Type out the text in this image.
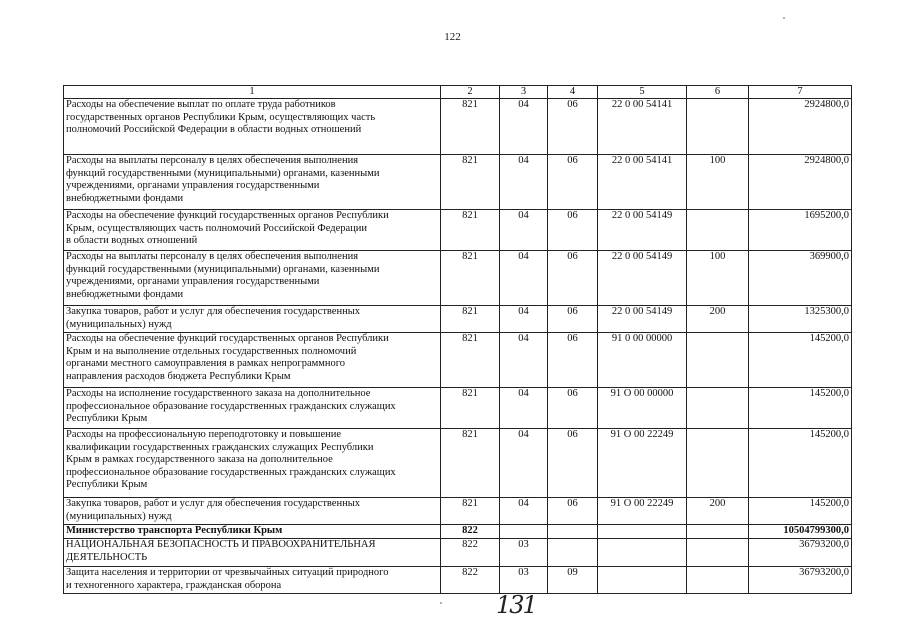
122
1	2	3	4	5	6	7
Расходы на обеспечение выплат по оплате труда работников
государственных органов Республики Крым, осуществляющих часть
полномочий Российской Федерации в области водных отношений	821	04	06	22 0 00 54141		2924800,0
Расходы на выплаты персоналу в целях обеспечения выполнения
функций государственными (муниципальными) органами, казенными
учреждениями, органами управления государственными
внебюджетными фондами	821	04	06	22 0 00 54141	100	2924800,0
Расходы на обеспечение функций государственных органов Республики
Крым, осуществляющих часть полномочий Российской Федерации
в области водных отношений	821	04	06	22 0 00 54149		1695200,0
Расходы на выплаты персоналу в целях обеспечения выполнения
функций государственными (муниципальными) органами, казенными
учреждениями, органами управления государственными
внебюджетными фондами	821	04	06	22 0 00 54149	100	369900,0
Закупка товаров, работ и услуг для обеспечения государственных
(муниципальных) нужд	821	04	06	22 0 00 54149	200	1325300,0
Расходы на обеспечение функций государственных органов Республики
Крым и на выполнение отдельных государственных полномочий
органами местного самоуправления в рамках непрограммного
направления расходов бюджета Республики Крым	821	04	06	91 0 00 00000		145200,0
Расходы на исполнение государственного заказа на дополнительное
профессиональное образование государственных гражданских служащих
Республики Крым	821	04	06	91 О 00 00000		145200,0
Расходы на профессиональную переподготовку и повышение
квалификации государственных гражданских служащих Республики
Крым в рамках государственного заказа на дополнительное
профессиональное образование государственных гражданских служащих
Республики Крым	821	04	06	91 О 00 22249		145200,0
Закупка товаров, работ и услуг для обеспечения государственных
(муниципальных) нужд	821	04	06	91 О 00 22249	200	145200,0
Министерство транспорта Республики Крым	822					10504799300,0
НАЦИОНАЛЬНАЯ БЕЗОПАСНОСТЬ И ПРАВООХРАНИТЕЛЬНАЯ
ДЕЯТЕЛЬНОСТЬ	822	03				36793200,0
Защита населения и территории от чрезвычайных ситуаций природного
и техногенного характера, гражданская оборона	822	03	09			36793200,0
131
